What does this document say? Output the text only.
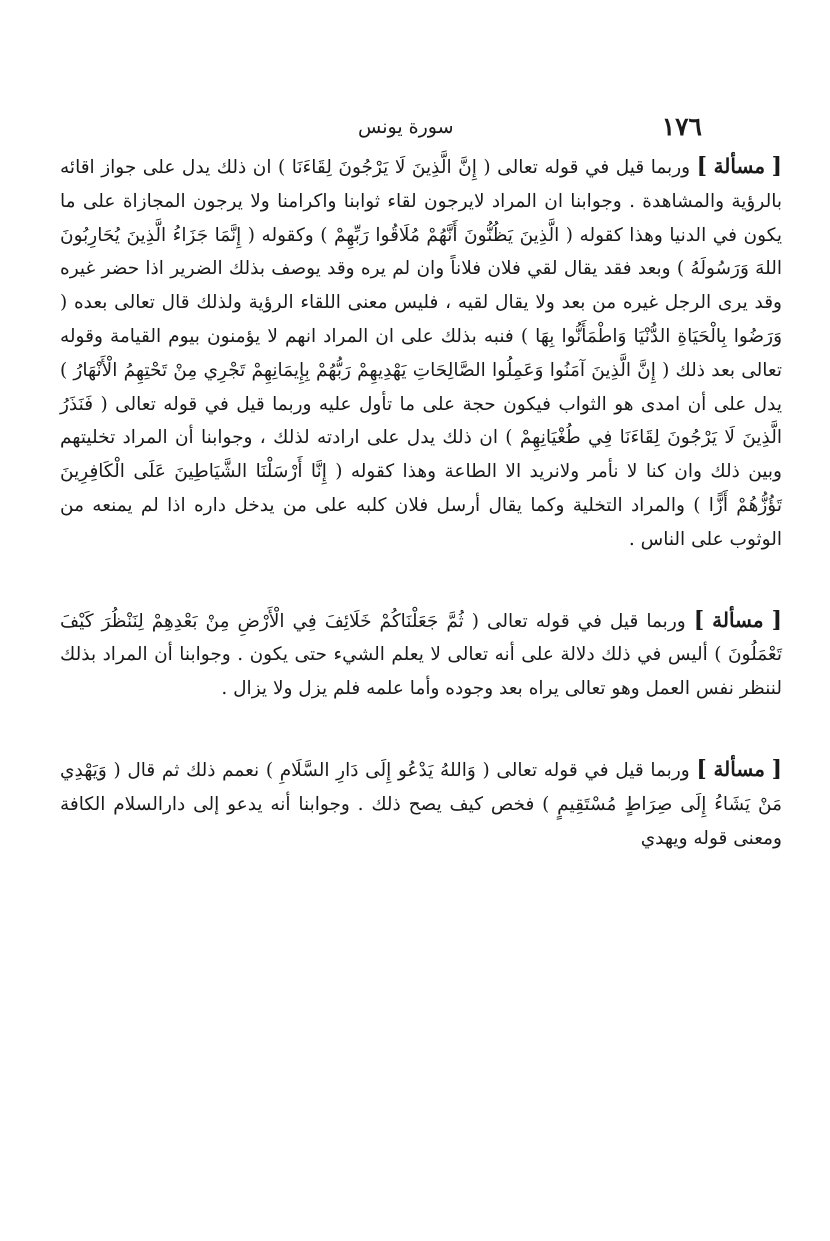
١٧٦
سورة يونس

[ مسألة ] وربما قيل في قوله تعالى ( إِنَّ الَّذِينَ لَا يَرْجُونَ لِقَاءَنَا ) ان ذلك يدل على جواز اقائه بالرؤية والمشاهدة . وجوابنا ان المراد لايرجون لقاء ثوابنا واكرامنا ولا يرجون المجازاة على ما يكون في الدنيا وهذا كقوله ( الَّذِينَ يَظُنُّونَ أَنَّهُمْ مُلَاقُوا رَبِّهِمْ ) وكقوله ( إِنَّمَا جَزَاءُ الَّذِينَ يُحَارِبُونَ اللهَ وَرَسُولَهُ ) وبعد فقد يقال لقي فلان فلاناً وان لم يره وقد يوصف بذلك الضرير اذا حضر غيره وقد يرى الرجل غيره من بعد ولا يقال لقيه ، فليس معنى اللقاء الرؤية ولذلك قال تعالى بعده ( وَرَضُوا بِالْحَيَاةِ الدُّنْيَا وَاطْمَأَنُّوا بِهَا ) فنبه بذلك على ان المراد انهم لا يؤمنون بيوم القيامة وقوله تعالى بعد ذلك ( إِنَّ الَّذِينَ آمَنُوا وَعَمِلُوا الصَّالِحَاتِ يَهْدِيهِمْ رَبُّهُمْ بِإِيمَانِهِمْ تَجْرِي مِنْ تَحْتِهِمُ الْأَنْهَارُ ) يدل على أن امدى هو الثواب فيكون حجة على ما تأول عليه وربما قيل في قوله تعالى ( فَنَذَرُ الَّذِينَ لَا يَرْجُونَ لِقَاءَنَا فِي طُغْيَانِهِمْ ) ان ذلك يدل على ارادته لذلك ، وجوابنا أن المراد تخليتهم وبين ذلك وان كنا لا نأمر ولانريد الا الطاعة وهذا كقوله ( إِنَّا أَرْسَلْنَا الشَّيَاطِينَ عَلَى الْكَافِرِينَ تَؤُزُّهُمْ أَزًّا ) والمراد التخلية وكما يقال أرسل فلان كلبه على من يدخل داره اذا لم يمنعه من الوثوب على الناس .

[ مسألة ] وربما قيل في قوله تعالى ( ثُمَّ جَعَلْنَاكُمْ خَلَائِفَ فِي الْأَرْضِ مِنْ بَعْدِهِمْ لِنَنْظُرَ كَيْفَ تَعْمَلُونَ ) أليس في ذلك دلالة على أنه تعالى لا يعلم الشيء حتى يكون . وجوابنا أن المراد بذلك لننظر نفس العمل وهو تعالى يراه بعد وجوده وأما علمه فلم يزل ولا يزال .

[ مسألة ] وربما قيل في قوله تعالى ( وَاللهُ يَدْعُو إِلَى دَارِ السَّلَامِ ) نعمم ذلك ثم قال ( وَيَهْدِي مَنْ يَشَاءُ إِلَى صِرَاطٍ مُسْتَقِيمٍ ) فخص كيف يصح ذلك . وجوابنا أنه يدعو إلى دارالسلام الكافة ومعنى قوله ويهدي
